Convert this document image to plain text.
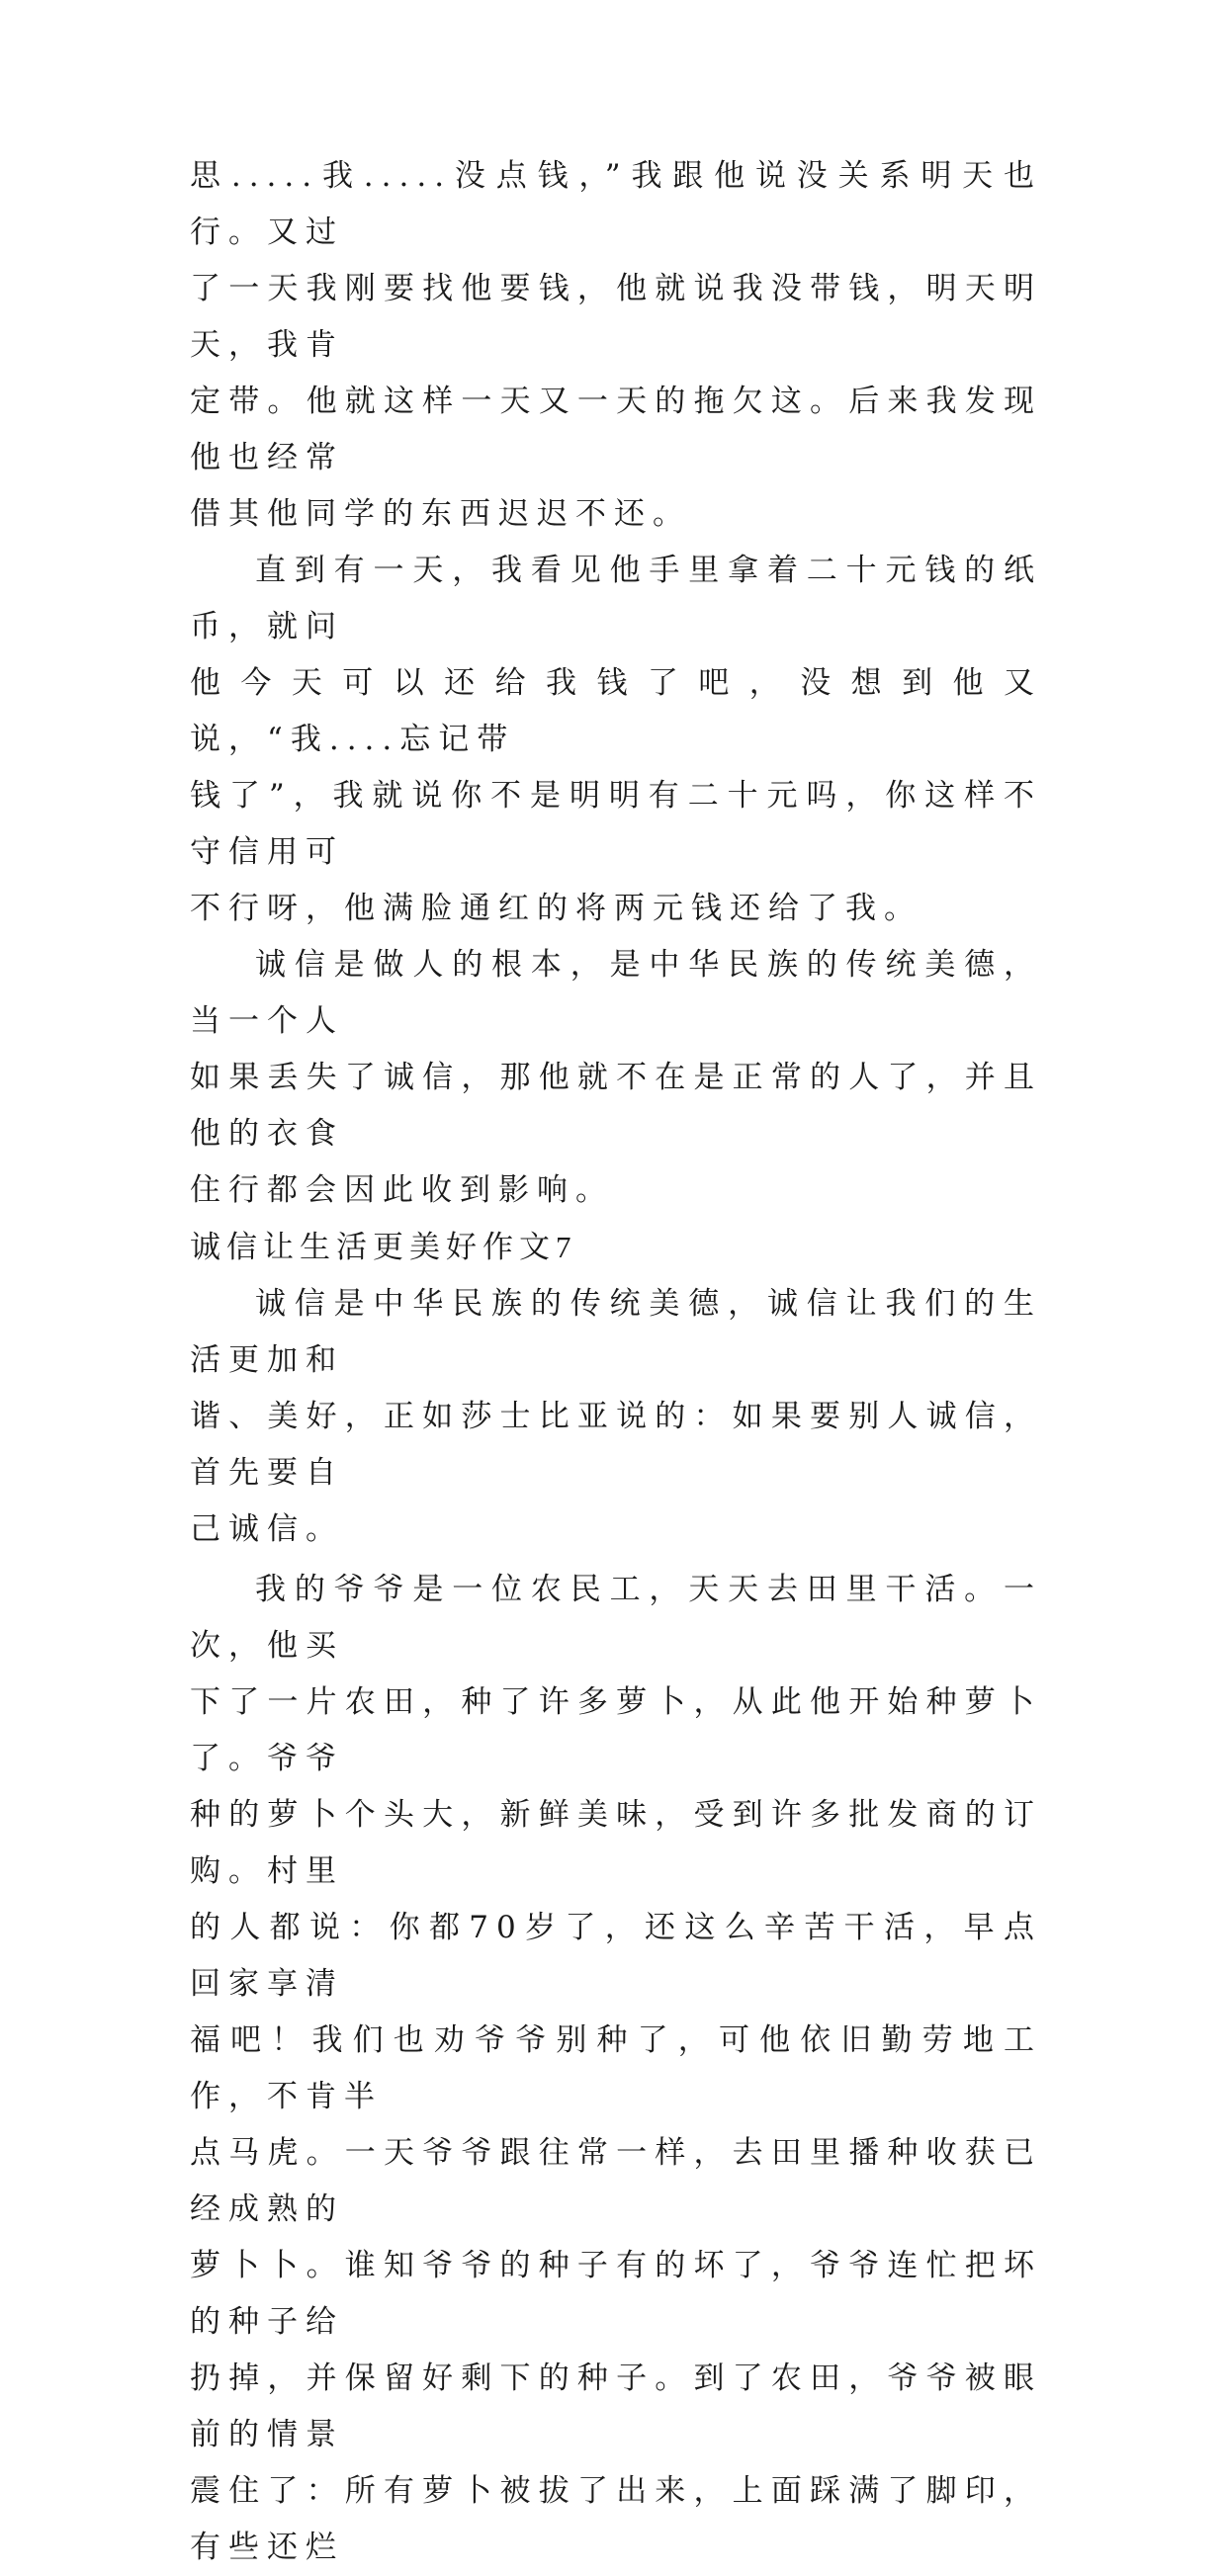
思.....我.....没点钱，”我跟他说没关系明天也行。又过
了一天我刚要找他要钱，他就说我没带钱，明天明天，我肯
定带。他就这样一天又一天的拖欠这。后来我发现他也经常
借其他同学的东西迟迟不还。
直到有一天，我看见他手里拿着二十元钱的纸币，就问
他今天可以还给我钱了吧，没想到他又说，“我....忘记带
钱了”，我就说你不是明明有二十元吗，你这样不守信用可
不行呀，他满脸通红的将两元钱还给了我。
诚信是做人的根本，是中华民族的传统美德，当一个人
如果丢失了诚信，那他就不在是正常的人了，并且他的衣食
住行都会因此收到影响。
诚信让生活更美好作文7
诚信是中华民族的传统美德，诚信让我们的生活更加和
谐、美好，正如莎士比亚说的：如果要别人诚信，首先要自
己诚信。
我的爷爷是一位农民工，天天去田里干活。一次，他买
下了一片农田，种了许多萝卜，从此他开始种萝卜了。爷爷
种的萝卜个头大，新鲜美味，受到许多批发商的订购。村里
的人都说：你都70岁了，还这么辛苦干活，早点回家享清
福吧！我们也劝爷爷别种了，可他依旧勤劳地工作，不肯半
点马虎。一天爷爷跟往常一样，去田里播种收获已经成熟的
萝卜卜。谁知爷爷的种子有的坏了，爷爷连忙把坏的种子给
扔掉，并保留好剩下的种子。到了农田，爷爷被眼前的情景
震住了：所有萝卜被拔了出来，上面踩满了脚印，有些还烂
